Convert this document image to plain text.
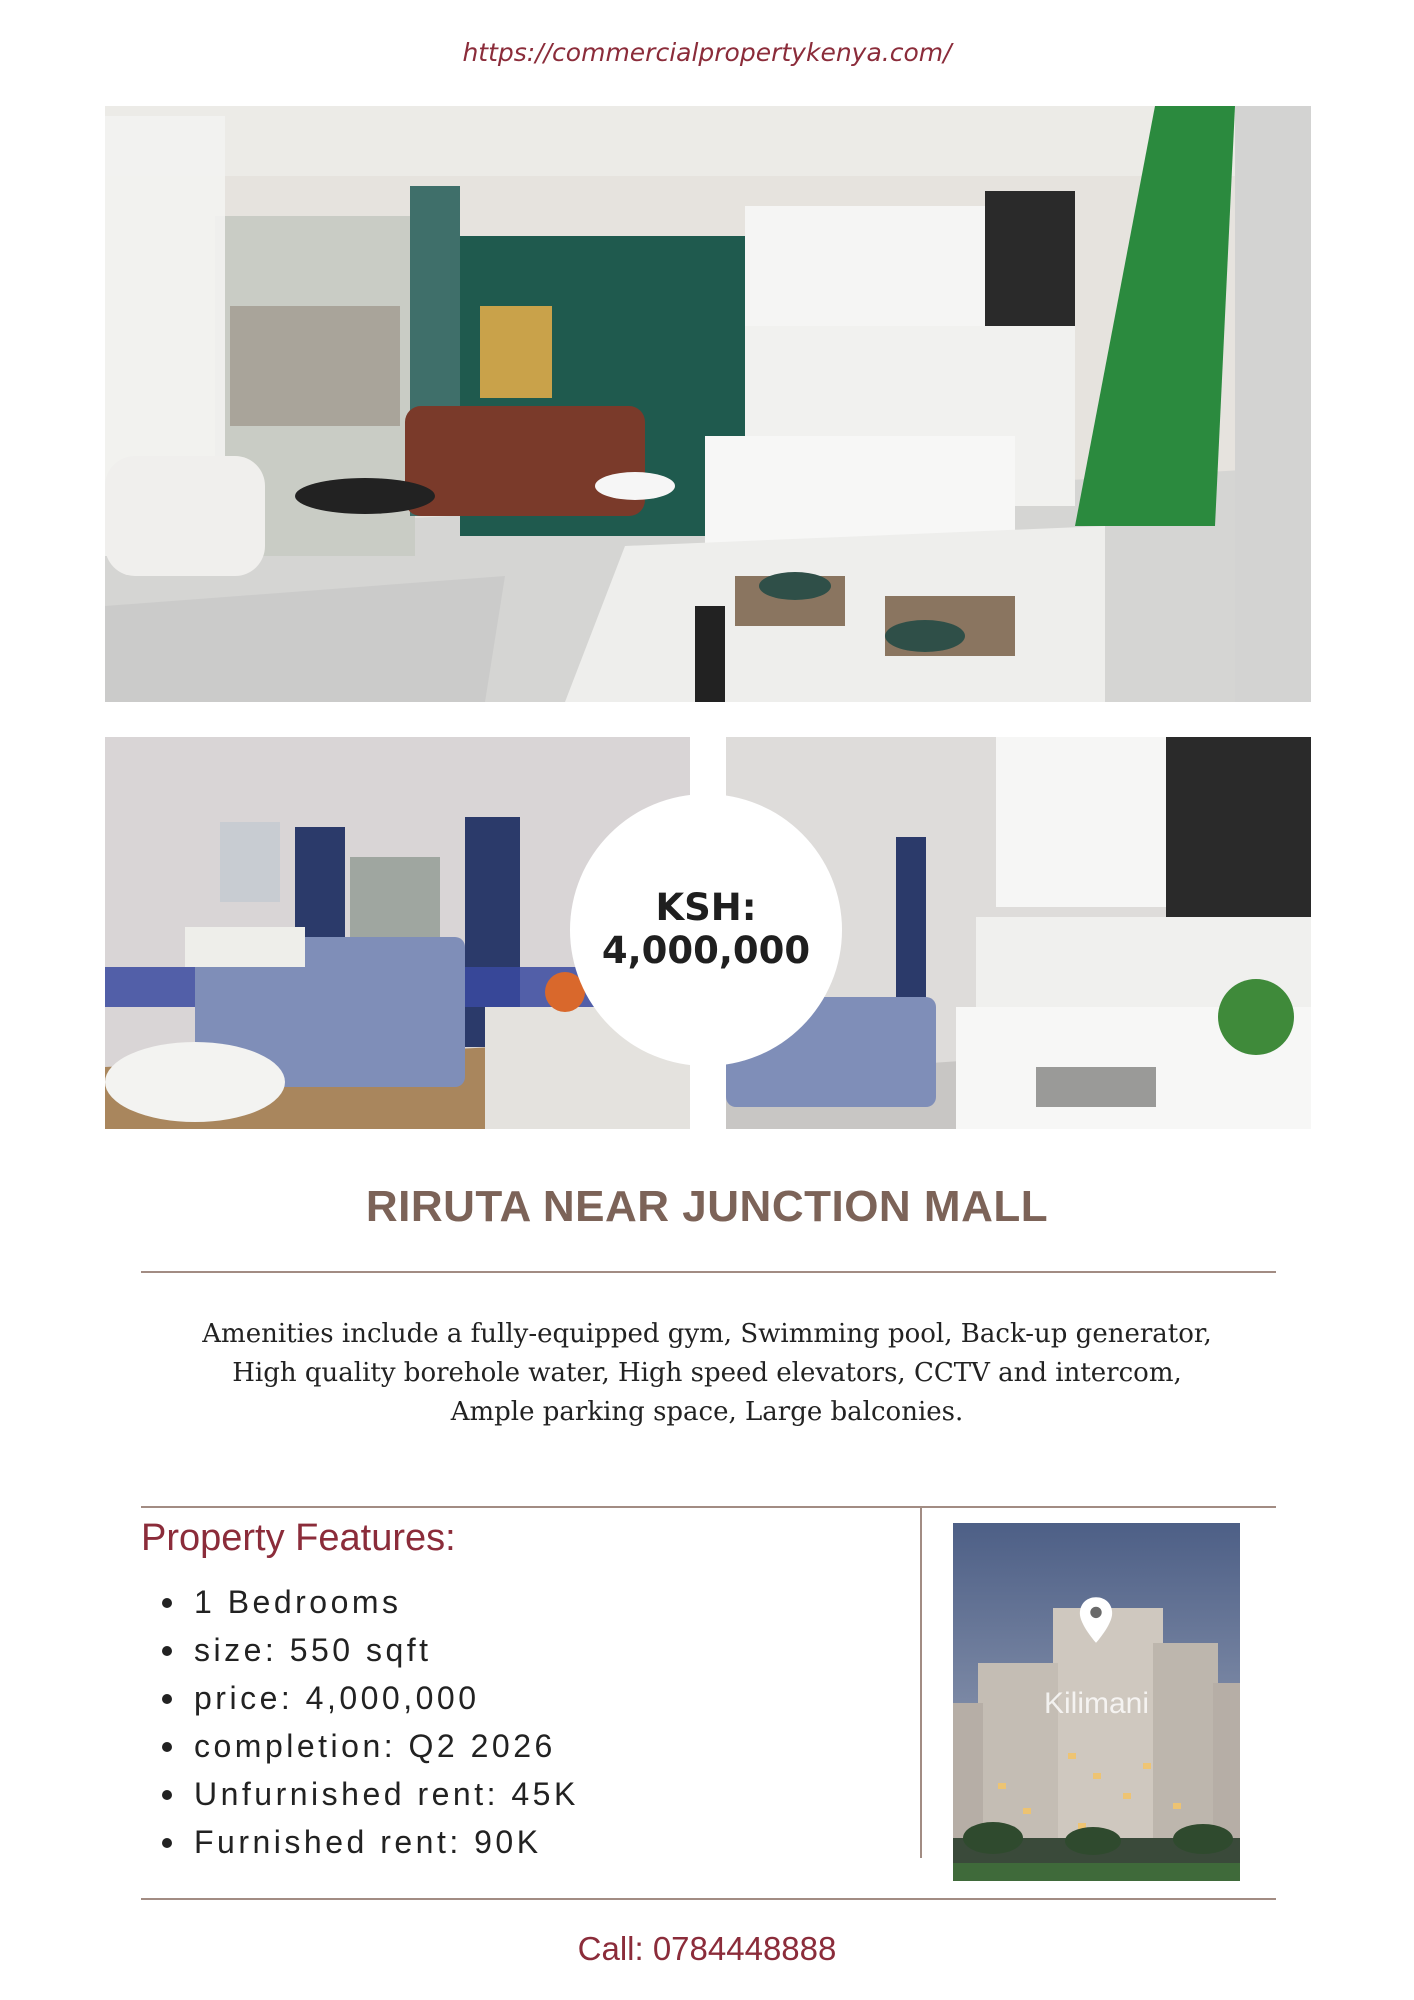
https://commercialpropertykenya.com/
KSH:
4,000,000
RIRUTA NEAR JUNCTION MALL
Amenities include a fully-equipped gym, Swimming pool, Back-up generator,
High quality borehole water, High speed elevators, CCTV and intercom,
Ample parking space, Large balconies.
Property Features:
1 Bedrooms
size: 550 sqft
price: 4,000,000
completion: Q2 2026
Unfurnished rent: 45K
Furnished rent: 90K
Kilimani
Call: 0784448888
